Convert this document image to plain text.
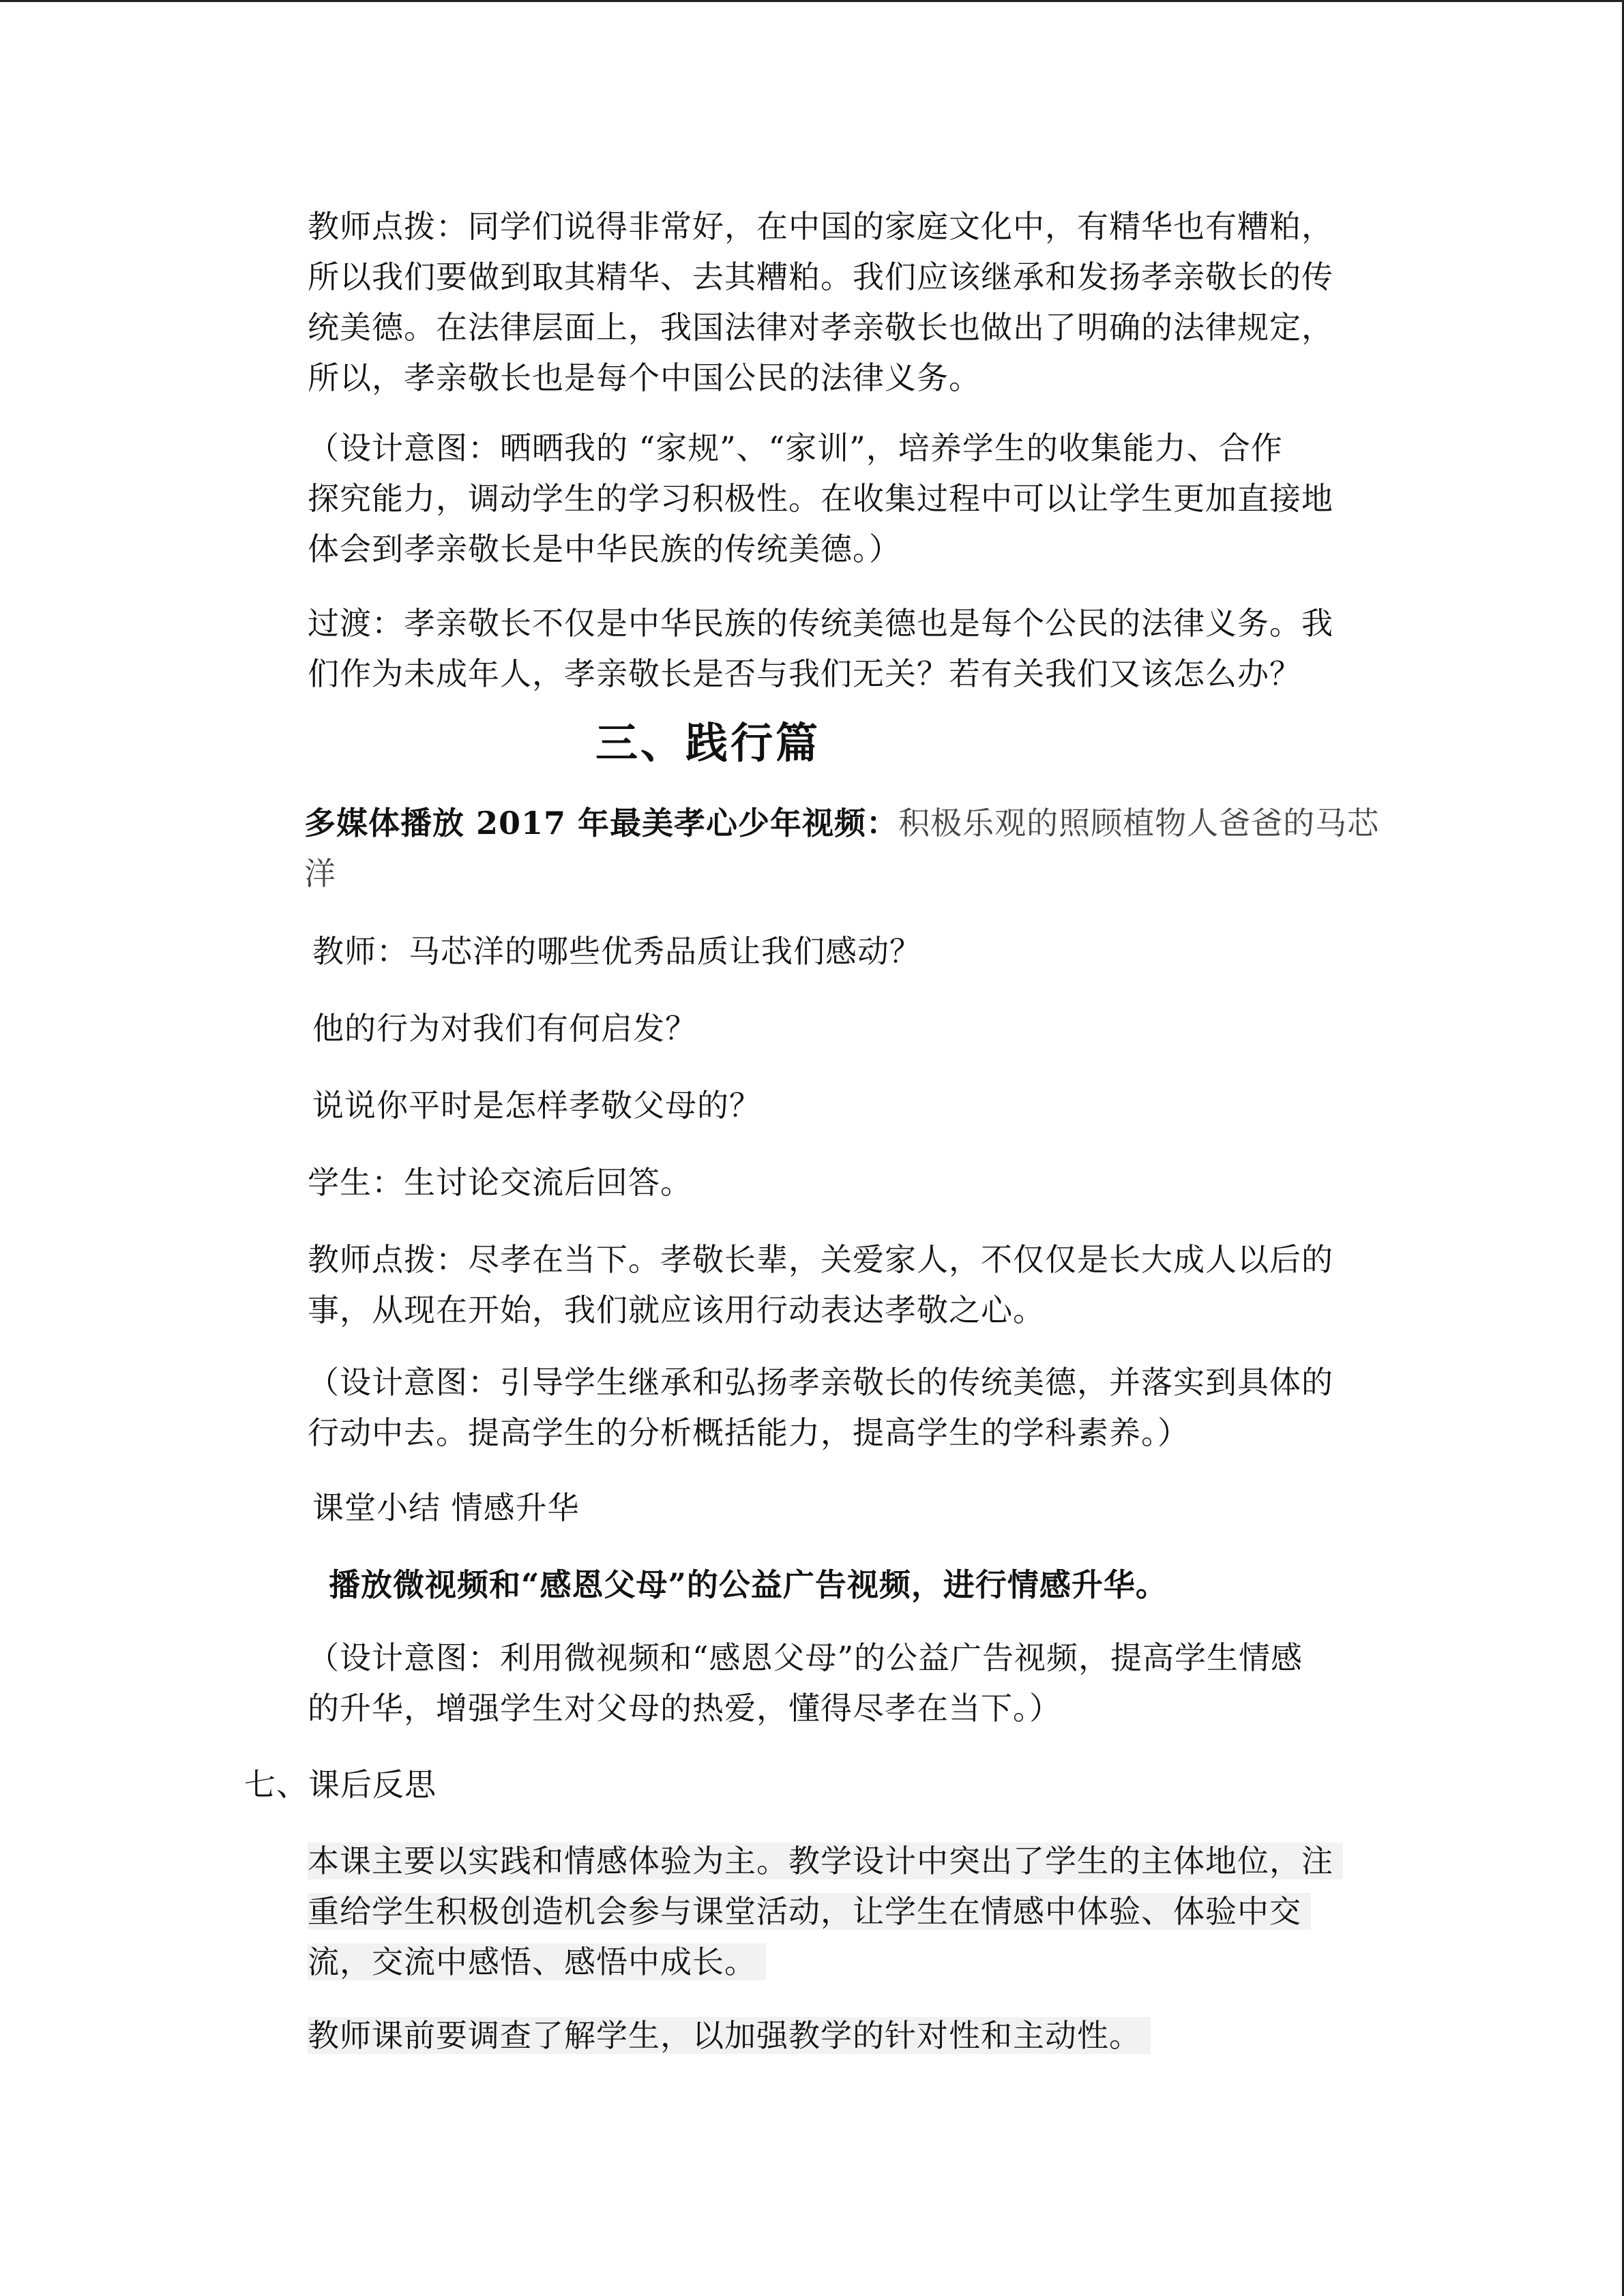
教师点拨：同学们说得非常好，在中国的家庭文化中，有精华也有糟粕，
所以我们要做到取其精华、去其糟粕。我们应该继承和发扬孝亲敬长的传
统美德。在法律层面上，我国法律对孝亲敬长也做出了明确的法律规定，
所以，孝亲敬长也是每个中国公民的法律义务。
（设计意图：晒晒我的 “家规”、“家训”，培养学生的收集能力、合作
探究能力，调动学生的学习积极性。在收集过程中可以让学生更加直接地
体会到孝亲敬长是中华民族的传统美德。）
过渡：孝亲敬长不仅是中华民族的传统美德也是每个公民的法律义务。我
们作为未成年人，孝亲敬长是否与我们无关？若有关我们又该怎么办？
三、践行篇
多媒体播放 2017 年最美孝心少年视频：积极乐观的照顾植物人爸爸的马芯
洋
教师：马芯洋的哪些优秀品质让我们感动？
他的行为对我们有何启发？
说说你平时是怎样孝敬父母的？
学生：生讨论交流后回答。
教师点拨：尽孝在当下。孝敬长辈，关爱家人，不仅仅是长大成人以后的
事，从现在开始，我们就应该用行动表达孝敬之心。
（设计意图：引导学生继承和弘扬孝亲敬长的传统美德，并落实到具体的
行动中去。提高学生的分析概括能力，提高学生的学科素养。）
课堂小结 情感升华
播放微视频和“感恩父母”的公益广告视频，进行情感升华。
（设计意图：利用微视频和“感恩父母”的公益广告视频，提高学生情感
的升华，增强学生对父母的热爱，懂得尽孝在当下。）
七、课后反思
本课主要以实践和情感体验为主。教学设计中突出了学生的主体地位，注
重给学生积极创造机会参与课堂活动，让学生在情感中体验、体验中交
流，交流中感悟、感悟中成长。
教师课前要调查了解学生，以加强教学的针对性和主动性。
